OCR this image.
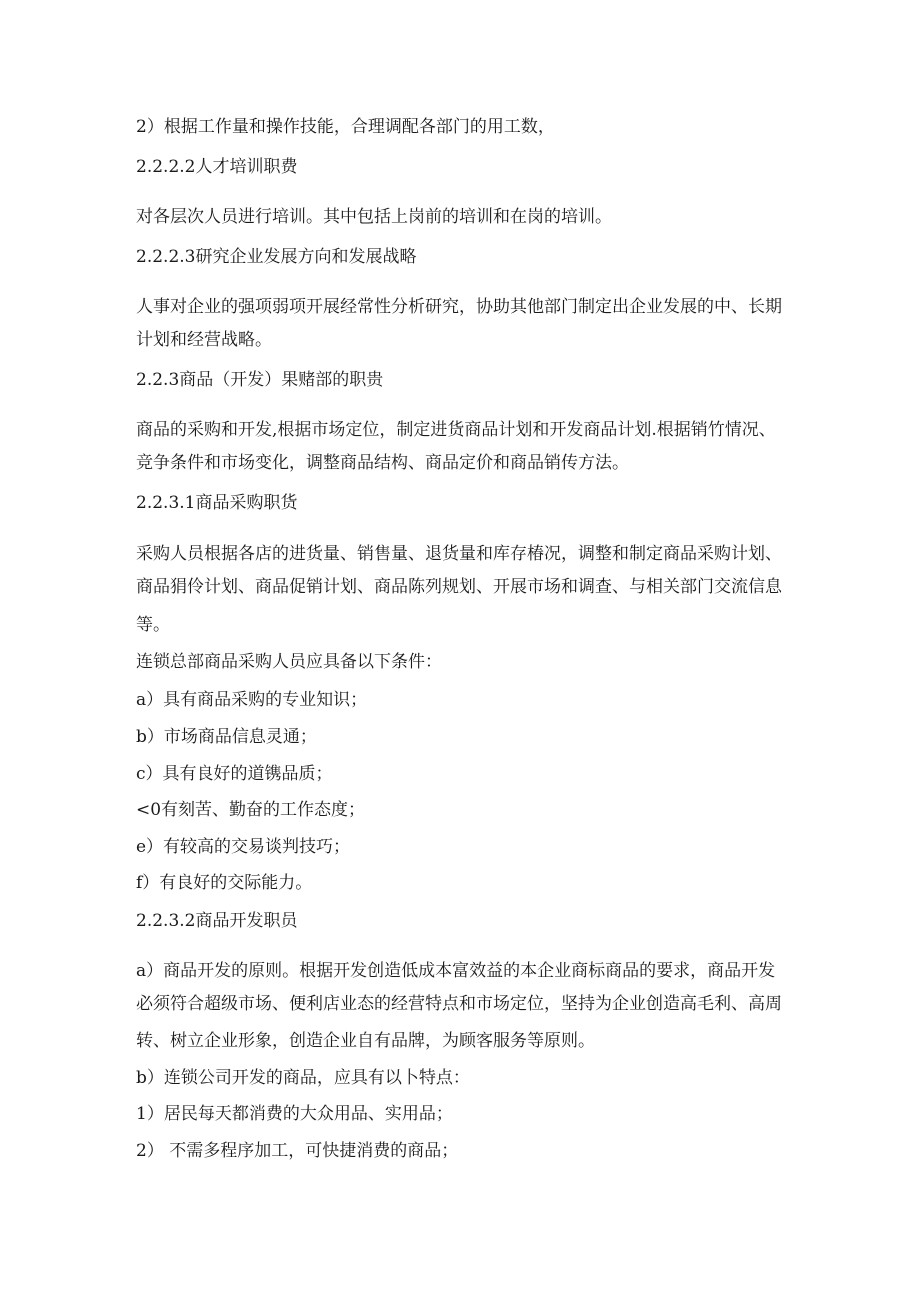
2）根据工作量和操作技能，合理调配各部门的用工数，
2.2.2.2人才培训职费
对各层次人员进行培训。其中包括上岗前的培训和在岗的培训。
2.2.2.3研究企业发展方向和发展战略
人事对企业的强项弱项开展经常性分析研究，协助其他部门制定出企业发展的中、长期
计划和经营战略。
2.2.3商品（开发）果赌部的职贵
商品的采购和开发,根据市场定位，制定进货商品计划和开发商品计划.根据销竹情况、
竞争条件和市场变化，调整商品结构、商品定价和商品销传方法。
2.2.3.1商品采购职货
采购人员根据各店的进货量、销售量、退货量和库存椿况，调整和制定商品采购计划、
商品狷伶计划、商品促销计划、商品陈列规划、开展市场和调查、与相关部门交流信息
等。
连锁总部商品采购人员应具备以下条件：
a）具有商品采购的专业知识；
b）市场商品信息灵通；
c）具有良好的道镌品质；
<0有刻苦、勤奋的工作态度；
e）有较高的交易谈判技巧；
f）有良好的交际能力。
2.2.3.2商品开发职员
a）商品开发的原则。根据开发创造低成本富效益的本企业商标商品的要求，商品开发
必须符合超级市场、便利店业态的经营特点和市场定位，坚持为企业创造高毛利、高周
转、树立企业形象，创造企业自有品牌，为顾客服务等原则。
b）连锁公司开发的商品，应具有以卜特点：
1）居民每天都消费的大众用品、实用品；
2） 不需多程序加工，可快捷消费的商品；
